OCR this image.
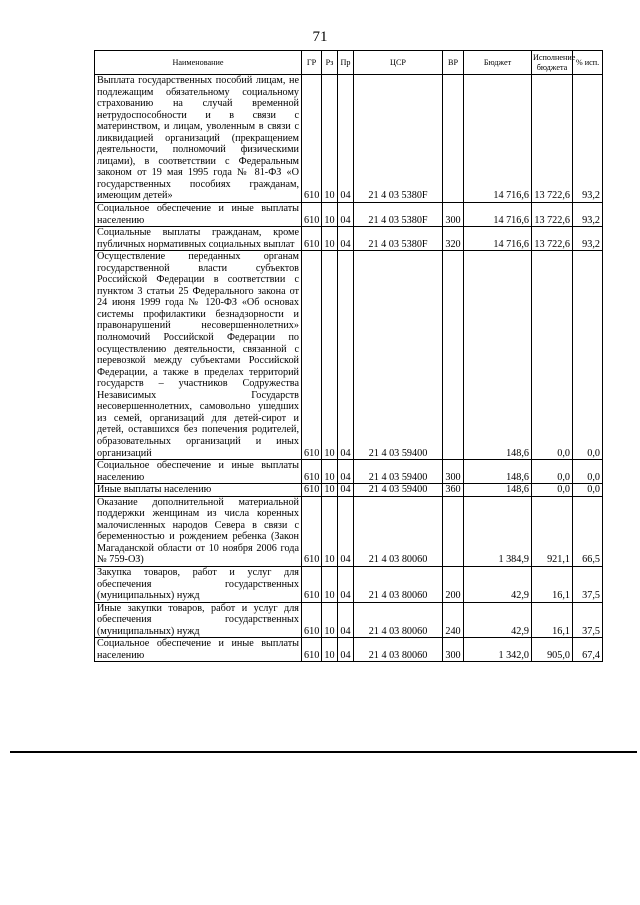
71
Наименование	ГР	Рз	Пр	ЦСР	ВР	Бюджет	Исполнение бюджета	% исп.
Выплата государственных пособий лицам, не подлежащим обязательному социальному страхованию на случай временной нетрудоспособности и в связи с материнством, и лицам, уволенным в связи с ликвидацией организаций (прекращением деятельности, полномочий физическими лицами), в соответствии с Федеральным законом от 19 мая 1995 года № 81-ФЗ «О государственных пособиях гражданам, имеющим детей»	610	10	04	21 4 03 5380F		14 716,6	13 722,6	93,2
Социальное обеспечение и иные выплаты населению	610	10	04	21 4 03 5380F	300	14 716,6	13 722,6	93,2
Социальные выплаты гражданам, кроме публичных нормативных социальных выплат	610	10	04	21 4 03 5380F	320	14 716,6	13 722,6	93,2
Осуществление переданных органам государственной власти субъектов Российской Федерации в соответствии с пунктом 3 статьи 25 Федерального закона от 24 июня 1999 года № 120-ФЗ «Об основах системы профилактики безнадзорности и правонарушений несовершеннолетних» полномочий Российской Федерации по осуществлению деятельности, связанной с перевозкой между субъектами Российской Федерации, а также в пределах территорий государств – участников Содружества Независимых Государств несовершеннолетних, самовольно ушедших из семей, организаций для детей-сирот и детей, оставшихся без попечения родителей, образовательных организаций и иных организаций	610	10	04	21 4 03 59400		148,6	0,0	0,0
Социальное обеспечение и иные выплаты населению	610	10	04	21 4 03 59400	300	148,6	0,0	0,0
Иные выплаты населению	610	10	04	21 4 03 59400	360	148,6	0,0	0,0
Оказание дополнительной материальной поддержки женщинам из числа коренных малочисленных народов Севера в связи с беременностью и рождением ребенка (Закон Магаданской области от 10 ноября 2006 года № 759-ОЗ)	610	10	04	21 4 03 80060		1 384,9	921,1	66,5
Закупка товаров, работ и услуг для обеспечения государственных (муниципальных) нужд	610	10	04	21 4 03 80060	200	42,9	16,1	37,5
Иные закупки товаров, работ и услуг для обеспечения государственных (муниципальных) нужд	610	10	04	21 4 03 80060	240	42,9	16,1	37,5
Социальное обеспечение и иные выплаты населению	610	10	04	21 4 03 80060	300	1 342,0	905,0	67,4
